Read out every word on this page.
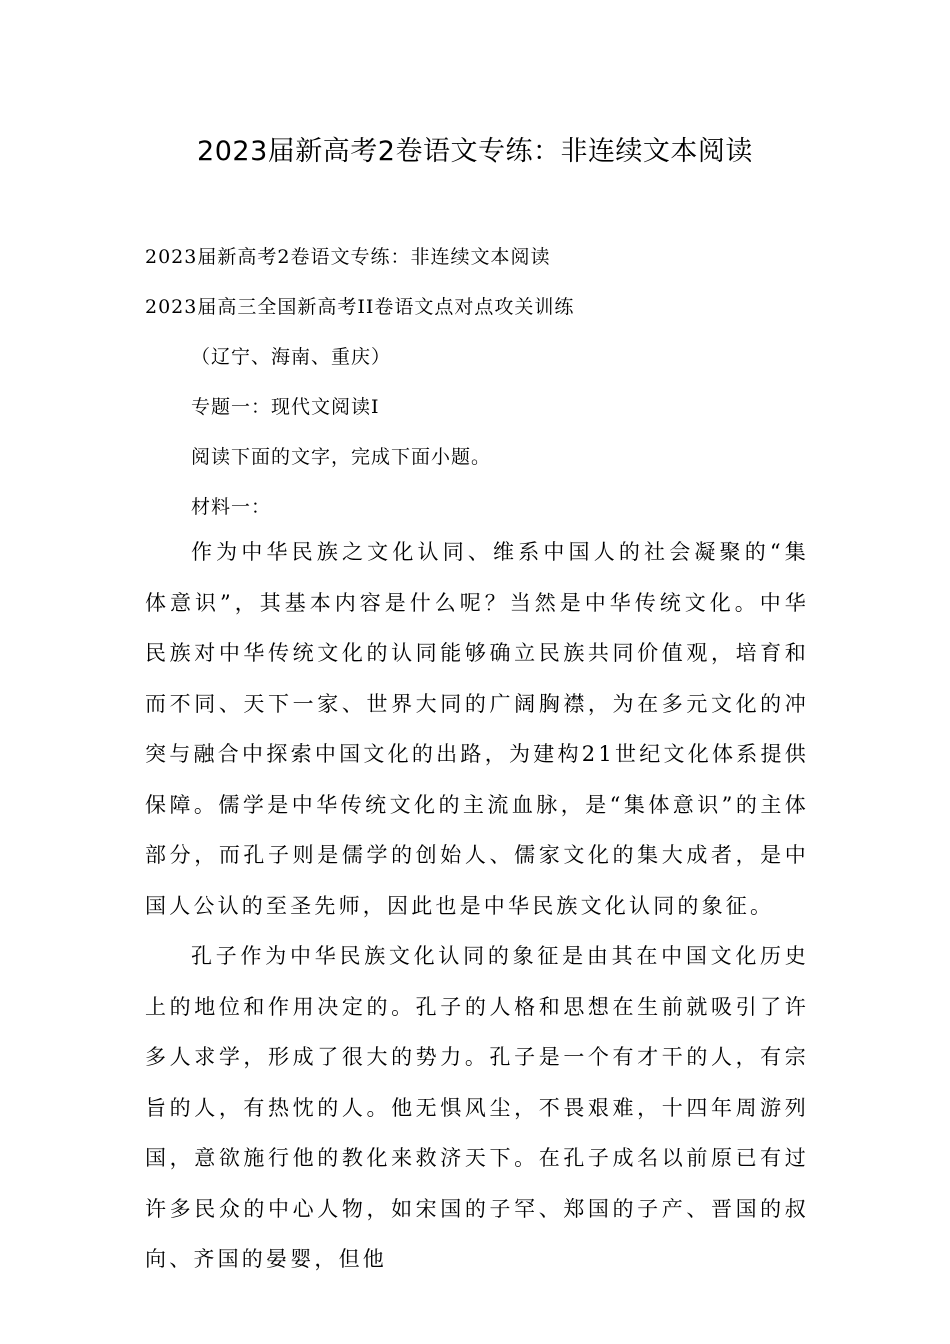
2023届新高考2卷语文专练：非连续文本阅读
2023届新高考2卷语文专练：非连续文本阅读
2023届高三全国新高考II卷语文点对点攻关训练
（辽宁、海南、重庆）
专题一：现代文阅读I
阅读下面的文字，完成下面小题。
材料一：

作为中华民族之文化认同、维系中国人的社会凝聚的“集体意识”，其基本内容是什么呢？当然是中华传统文化。中华民族对中华传统文化的认同能够确立民族共同价值观，培育和而不同、天下一家、世界大同的广阔胸襟，为在多元文化的冲突与融合中探索中国文化的出路，为建构21世纪文化体系提供保障。儒学是中华传统文化的主流血脉，是“集体意识”的主体部分，而孔子则是儒学的创始人、儒家文化的集大成者，是中国人公认的至圣先师，因此也是中华民族文化认同的象征。

孔子作为中华民族文化认同的象征是由其在中国文化历史上的地位和作用决定的。孔子的人格和思想在生前就吸引了许多人求学，形成了很大的势力。孔子是一个有才干的人，有宗旨的人，有热忱的人。他无惧风尘，不畏艰难，十四年周游列国，意欲施行他的教化来救济天下。在孔子成名以前原已有过许多民众的中心人物，如宋国的子罕、郑国的子产、晋国的叔向、齐国的晏婴，但他
